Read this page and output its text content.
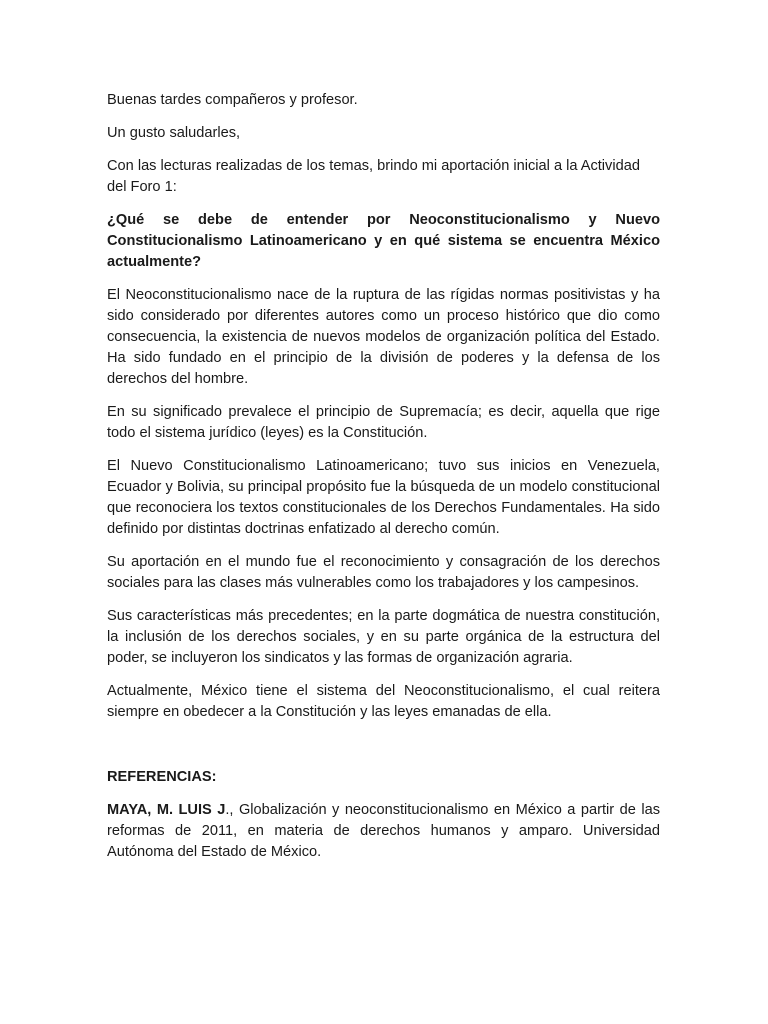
Buenas tardes compañeros y profesor.

Un gusto saludarles,

Con las lecturas realizadas de los temas, brindo mi aportación inicial a la Actividad del Foro 1:

¿Qué se debe de entender por Neoconstitucionalismo y Nuevo Constitucionalismo Latinoamericano y en qué sistema se encuentra México actualmente?

El Neoconstitucionalismo nace de la ruptura de las rígidas normas positivistas y ha sido considerado por diferentes autores como un proceso histórico que dio como consecuencia, la existencia de nuevos modelos de organización política del Estado. Ha sido fundado en el principio de la división de poderes y la defensa de los derechos del hombre.

En su significado prevalece el principio de Supremacía; es decir, aquella que rige todo el sistema jurídico (leyes) es la Constitución.

El Nuevo Constitucionalismo Latinoamericano; tuvo sus inicios en Venezuela, Ecuador y Bolivia, su principal propósito fue la búsqueda de un modelo constitucional que reconociera los textos constitucionales de los Derechos Fundamentales. Ha sido definido por distintas doctrinas enfatizado al derecho común.

Su aportación en el mundo fue el reconocimiento y consagración de los derechos sociales para las clases más vulnerables como los trabajadores y los campesinos.

Sus características más precedentes; en la parte dogmática de nuestra constitución, la inclusión de los derechos sociales, y en su parte orgánica de la estructura del poder, se incluyeron los sindicatos y las formas de organización agraria.

Actualmente, México tiene el sistema del Neoconstitucionalismo, el cual reitera siempre en obedecer a la Constitución y las leyes emanadas de ella.

REFERENCIAS:

MAYA, M. LUIS J., Globalización y neoconstitucionalismo en México a partir de las reformas de 2011, en materia de derechos humanos y amparo. Universidad Autónoma del Estado de México.
